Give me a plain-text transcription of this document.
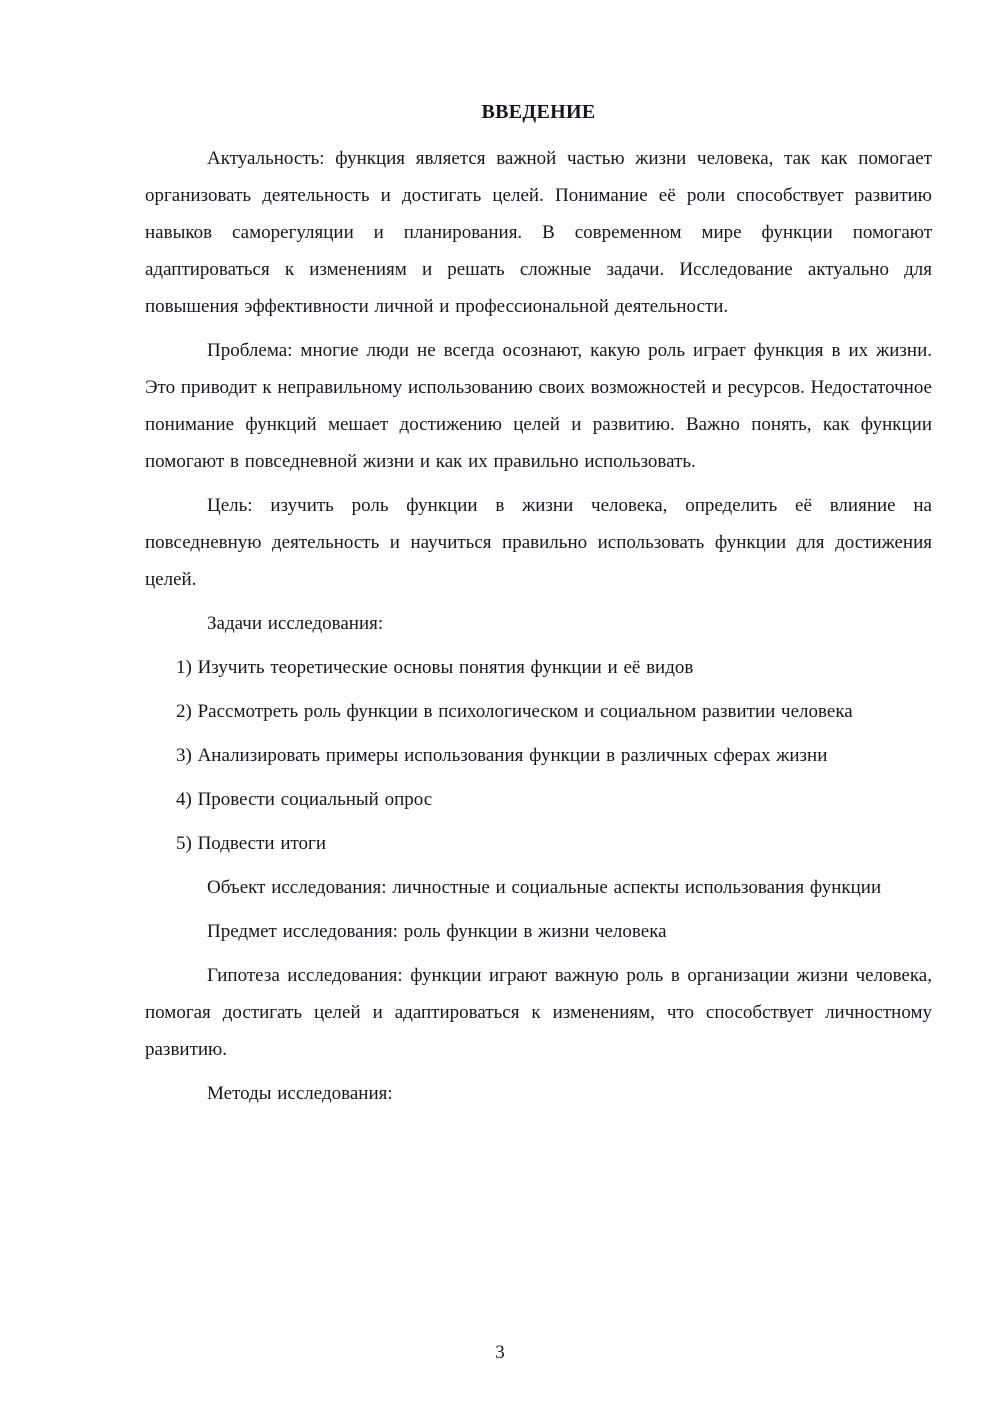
ВВЕДЕНИЕ

Актуальность: функция является важной частью жизни человека, так как помогает организовать деятельность и достигать целей. Понимание её роли способствует развитию навыков саморегуляции и планирования. В современном мире функции помогают адаптироваться к изменениям и решать сложные задачи. Исследование актуально для повышения эффективности личной и профессиональной деятельности.

Проблема: многие люди не всегда осознают, какую роль играет функция в их жизни. Это приводит к неправильному использованию своих возможностей и ресурсов. Недостаточное понимание функций мешает достижению целей и развитию. Важно понять, как функции помогают в повседневной жизни и как их правильно использовать.

Цель: изучить роль функции в жизни человека, определить её влияние на повседневную деятельность и научиться правильно использовать функции для достижения целей.

Задачи исследования:

1) Изучить теоретические основы понятия функции и её видов

2) Рассмотреть роль функции в психологическом и социальном развитии человека

3) Анализировать примеры использования функции в различных сферах жизни

4) Провести социальный опрос

5) Подвести итоги

Объект исследования: личностные и социальные аспекты использования функции

Предмет исследования: роль функции в жизни человека

Гипотеза исследования: функции играют важную роль в организации жизни человека, помогая достигать целей и адаптироваться к изменениям, что способствует личностному развитию.

Методы исследования:

3
